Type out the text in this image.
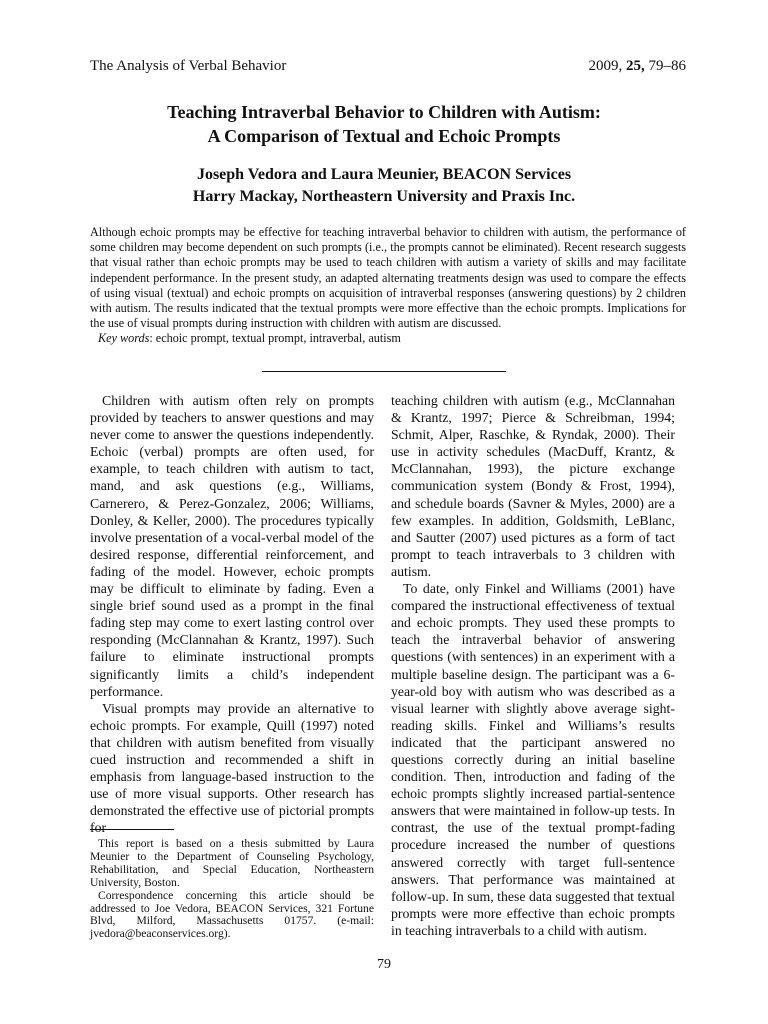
The Analysis of Verbal Behavior	2009, 25, 79–86
Teaching Intraverbal Behavior to Children with Autism:
A Comparison of Textual and Echoic Prompts
Joseph Vedora and Laura Meunier, BEACON Services
Harry Mackay, Northeastern University and Praxis Inc.

Although echoic prompts may be effective for teaching intraverbal behavior to children with autism, the performance of some children may become dependent on such prompts (i.e., the prompts cannot be eliminated). Recent research suggests that visual rather than echoic prompts may be used to teach children with autism a variety of skills and may facilitate independent performance. In the present study, an adapted alternating treatments design was used to compare the effects of using visual (textual) and echoic prompts on acquisition of intraverbal responses (answering questions) by 2 children with autism. The results indicated that the textual prompts were more effective than the echoic prompts. Implications for the use of visual prompts during instruction with children with autism are discussed.

Key words: echoic prompt, textual prompt, intraverbal, autism

Children with autism often rely on prompts provided by teachers to answer questions and may never come to answer the questions independently. Echoic (verbal) prompts are often used, for example, to teach children with autism to tact, mand, and ask questions (e.g., Williams, Carnerero, & Perez-Gonzalez, 2006; Williams, Donley, & Keller, 2000). The procedures typically involve presentation of a vocal-verbal model of the desired response, differential reinforcement, and fading of the model. However, echoic prompts may be difficult to eliminate by fading. Even a single brief sound used as a prompt in the final fading step may come to exert lasting control over responding (McClannahan & Krantz, 1997). Such failure to eliminate instructional prompts significantly limits a child’s independent performance.

Visual prompts may provide an alternative to echoic prompts. For example, Quill (1997) noted that children with autism benefited from visually cued instruction and recommended a shift in emphasis from language-based instruction to the use of more visual supports. Other research has demonstrated the effective use of pictorial prompts for

teaching children with autism (e.g., McClannahan & Krantz, 1997; Pierce & Schreibman, 1994; Schmit, Alper, Raschke, & Ryndak, 2000). Their use in activity schedules (MacDuff, Krantz, & McClannahan, 1993), the picture exchange communication system (Bondy & Frost, 1994), and schedule boards (Savner & Myles, 2000) are a few examples. In addition, Goldsmith, LeBlanc, and Sautter (2007) used pictures as a form of tact prompt to teach intraverbals to 3 children with autism.

To date, only Finkel and Williams (2001) have compared the instructional effectiveness of textual and echoic prompts. They used these prompts to teach the intraverbal behavior of answering questions (with sentences) in an experiment with a multiple baseline design. The participant was a 6-year-old boy with autism who was described as a visual learner with slightly above average sight-reading skills. Finkel and Williams’s results indicated that the participant answered no questions correctly during an initial baseline condition. Then, introduction and fading of the echoic prompts slightly increased partial-sentence answers that were maintained in follow-up tests. In contrast, the use of the textual prompt-fading procedure increased the number of questions answered correctly with target full-sentence answers. That performance was maintained at follow-up. In sum, these data suggested that textual prompts were more effective than echoic prompts in teaching intraverbals to a child with autism.

This report is based on a thesis submitted by Laura Meunier to the Department of Counseling Psychology, Rehabilitation, and Special Education, Northeastern University, Boston.

Correspondence concerning this article should be addressed to Joe Vedora, BEACON Services, 321 Fortune Blvd, Milford, Massachusetts 01757. (e-mail: jvedora@beaconservices.org).

79
